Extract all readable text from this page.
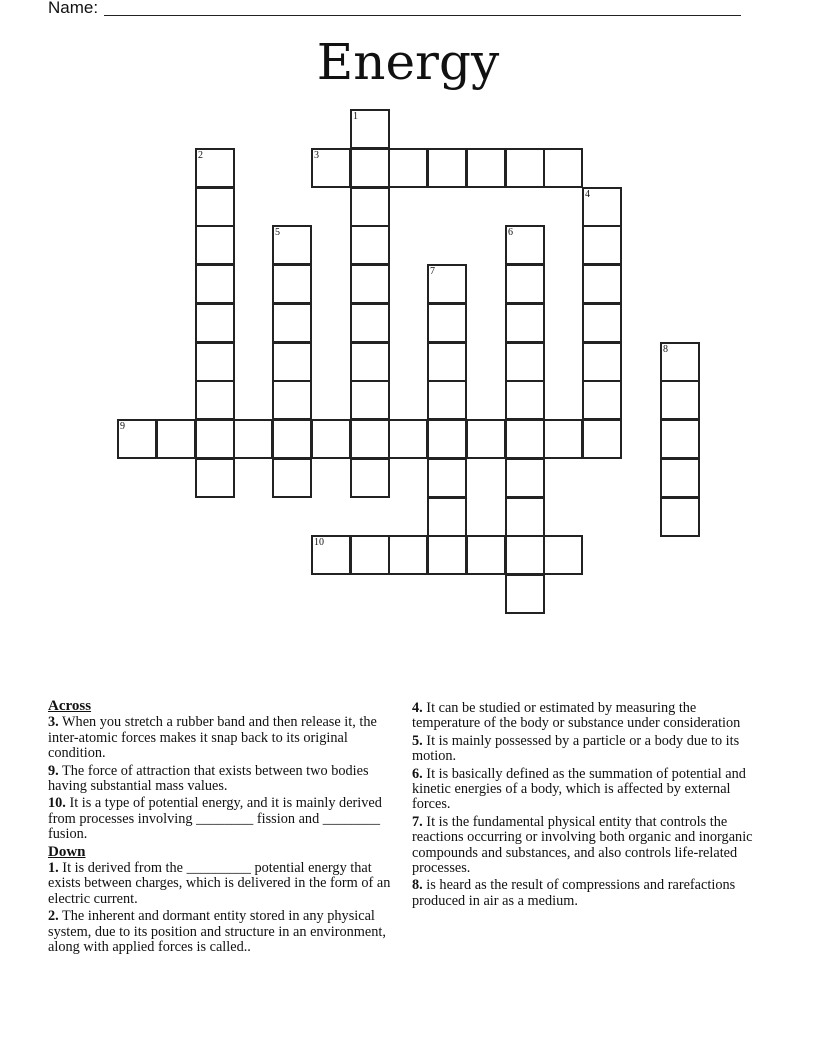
Name:
Energy
1
2	3
4
5	6
7
8
9
10
Across
3. When you stretch a rubber band and then release it, the inter-atomic forces makes it snap back to its original condition.
9. The force of attraction that exists between two bodies having substantial mass values.
10. It is a type of potential energy, and it is mainly derived from processes involving ________ fission and ________ fusion.
Down
1. It is derived from the _________ potential energy that exists between charges, which is delivered in the form of an electric current.
2. The inherent and dormant entity stored in any physical system, due to its position and structure in an environment, along with applied forces is called..
4. It can be studied or estimated by measuring the temperature of the body or substance under consideration
5. It is mainly possessed by a particle or a body due to its motion.
6. It is basically defined as the summation of potential and kinetic energies of a body, which is affected by external forces.
7. It is the fundamental physical entity that controls the reactions occurring or involving both organic and inorganic compounds and substances, and also controls life-related processes.
8. is heard as the result of compressions and rarefactions produced in air as a medium.
